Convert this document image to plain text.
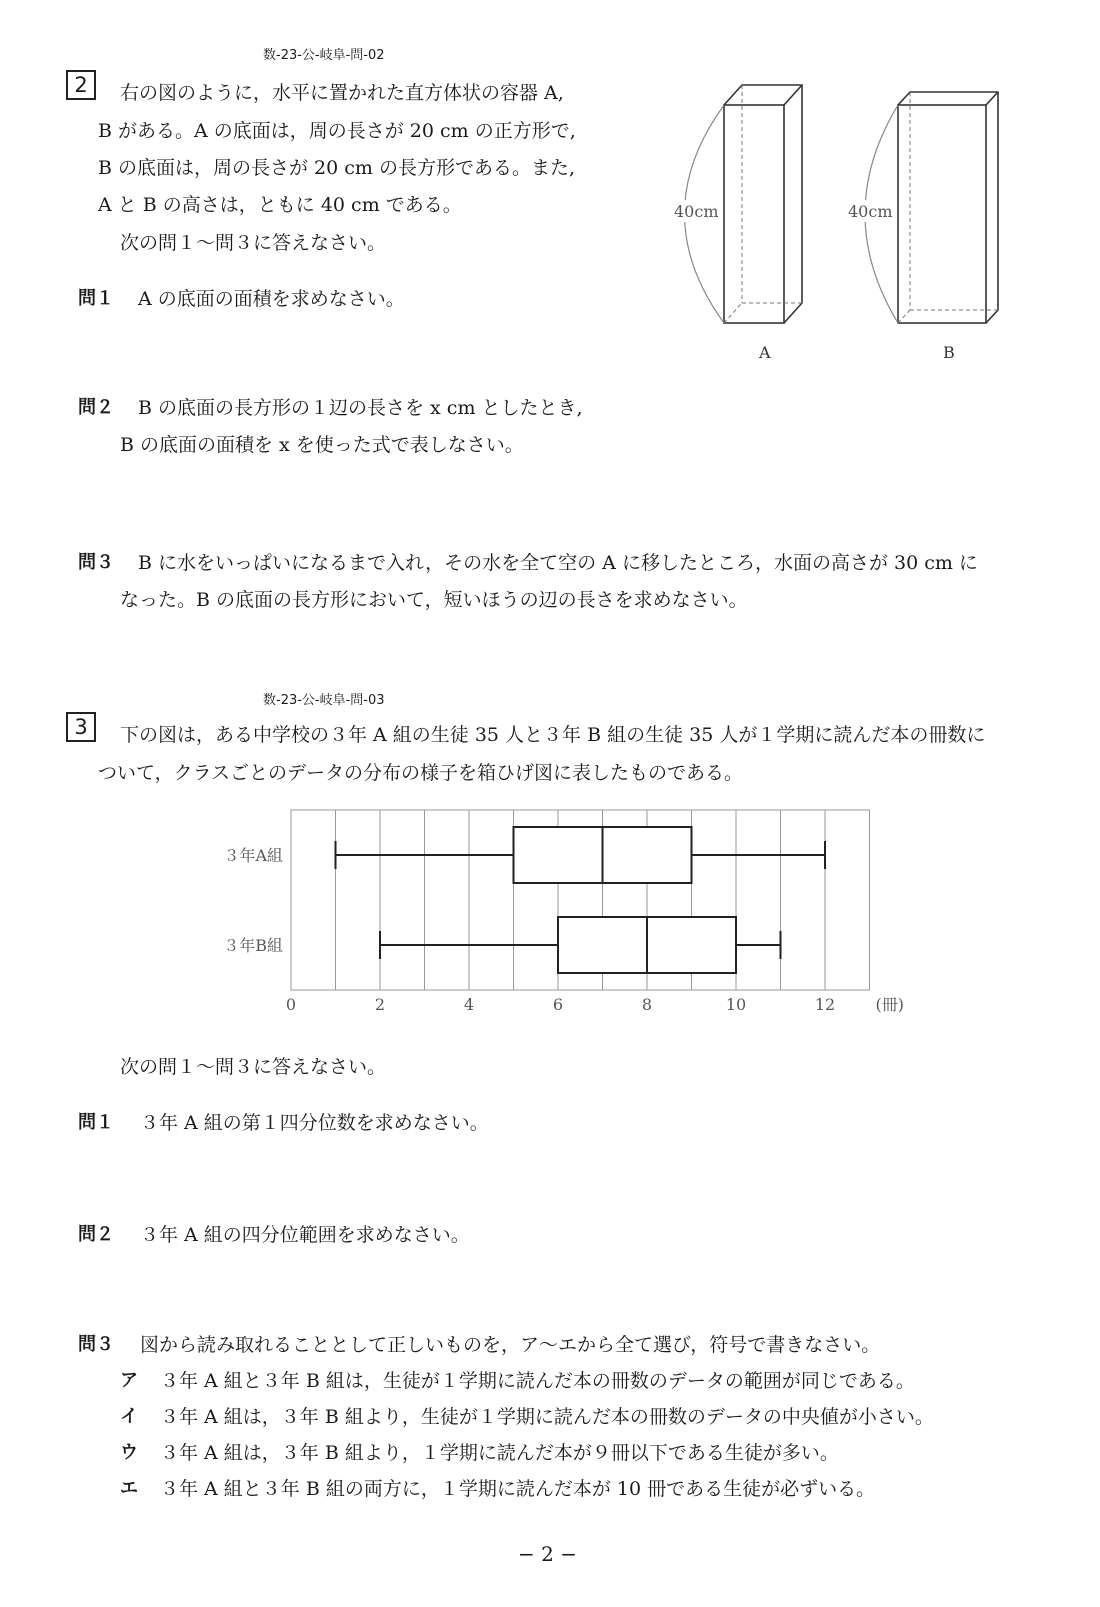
数-23-公-岐阜-問-02
2	右の図のように，水平に置かれた直方体状の容器 A,
B がある。A の底面は，周の長さが 20 cm の正方形で,
B の底面は，周の長さが 20 cm の長方形である。また,
A と B の高さは，ともに 40 cm である。
次の問１～問３に答えなさい。
問１ A の底面の面積を求めなさい。
問２ B の底面の長方形の１辺の長さを x cm としたとき,
B の底面の面積を x を使った式で表しなさい。
問３ B に水をいっぱいになるまで入れ，その水を全て空の A に移したところ，水面の高さが 30 cm に
なった。B の底面の長方形において，短いほうの辺の長さを求めなさい。
40cm	40cm
A	B
数-23-公-岐阜-問-03
3	下の図は，ある中学校の３年 A 組の生徒 35 人と３年 B 組の生徒 35 人が１学期に読んだ本の冊数に
ついて，クラスごとのデータの分布の様子を箱ひげ図に表したものである。
0	2	4	6	8	10	12	(冊)
３年A組
３年B組
次の問１～問３に答えなさい。
問１ ３年 A 組の第１四分位数を求めなさい。
問２ ３年 A 組の四分位範囲を求めなさい。
問３ 図から読み取れることとして正しいものを，ア～エから全て選び，符号で書きなさい。
ア ３年 A 組と３年 B 組は，生徒が１学期に読んだ本の冊数のデータの範囲が同じである。
イ ３年 A 組は，３年 B 組より，生徒が１学期に読んだ本の冊数のデータの中央値が小さい。
ウ ３年 A 組は，３年 B 組より，１学期に読んだ本が９冊以下である生徒が多い。
エ ３年 A 組と３年 B 組の両方に，１学期に読んだ本が 10 冊である生徒が必ずいる。
− 2 −
